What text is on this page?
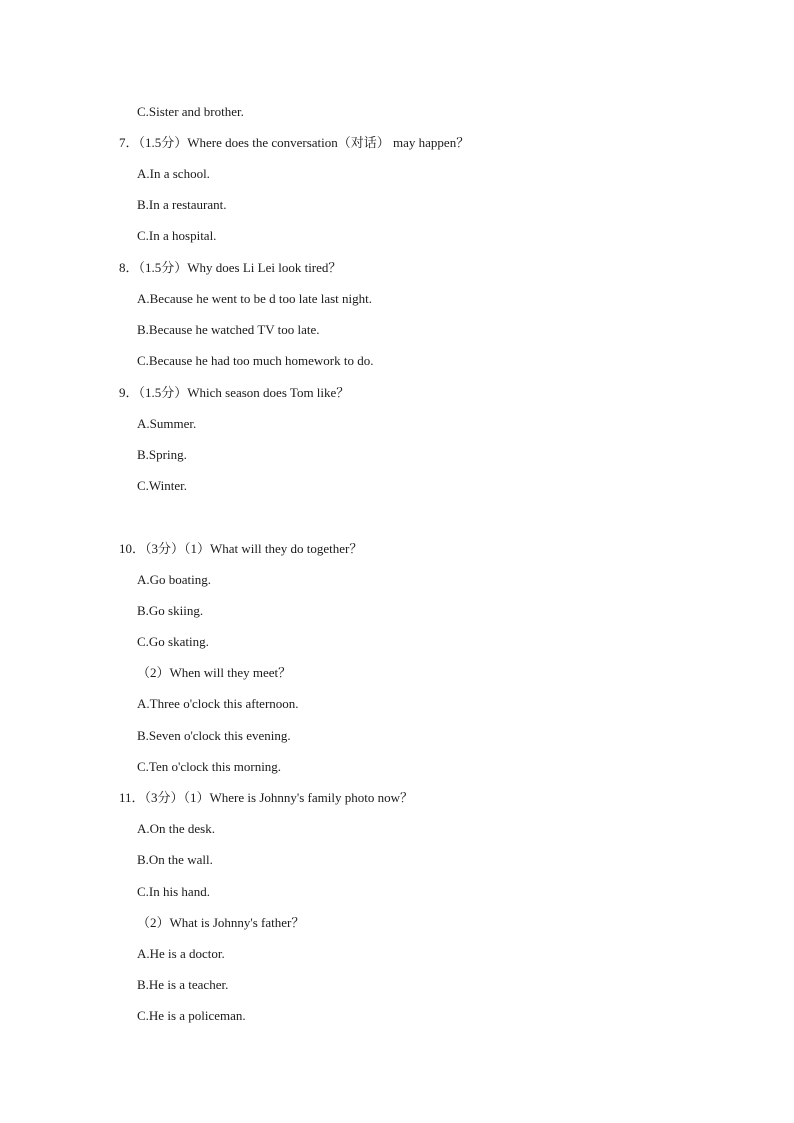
C.Sister and brother.
7．（1.5分）Where does the conversation（对话） may happen？
A.In a school.
B.In a restaurant.
C.In a hospital.
8．（1.5分）Why does Li Lei look tired？
A.Because he went to be d too late last night.
B.Because he watched TV too late.
C.Because he had too much homework to do.
9．（1.5分）Which season does Tom like？
A.Summer.
B.Spring.
C.Winter.
10．（3分）（1）What will they do together？
A.Go boating.
B.Go skiing.
C.Go skating.
（2）When will they meet？
A.Three o'clock this afternoon.
B.Seven o'clock this evening.
C.Ten o'clock this morning.
11．（3分）（1）Where is Johnny's family photo now？
A.On the desk.
B.On the wall.
C.In his hand.
（2）What is Johnny's father？
A.He is a doctor.
B.He is a teacher.
C.He is a policeman.
